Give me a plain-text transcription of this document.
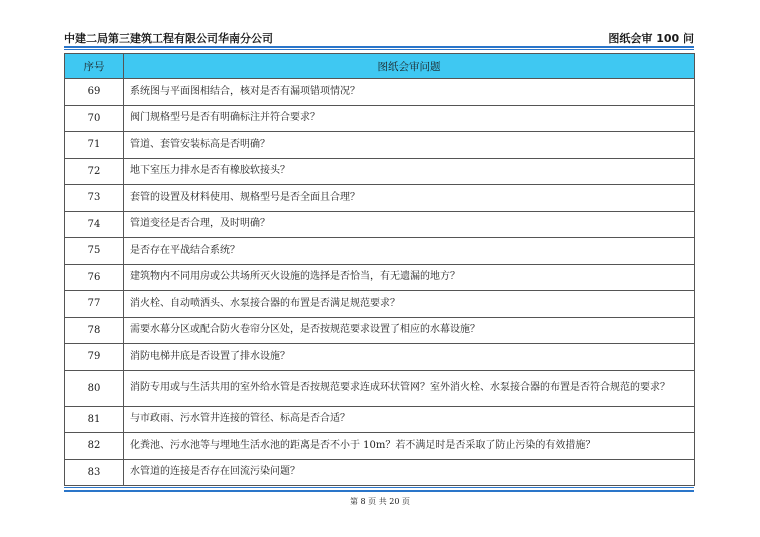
中建二局第三建筑工程有限公司华南分公司	图纸会审 100 问
序号	图纸会审问题
69	系统图与平面图相结合，核对是否有漏项错项情况？
70	阀门规格型号是否有明确标注并符合要求？
71	管道、套管安装标高是否明确？
72	地下室压力排水是否有橡胶软接头？
73	套管的设置及材料使用、规格型号是否全面且合理？
74	管道变径是否合理，及时明确？
75	是否存在平战结合系统？
76	建筑物内不同用房或公共场所灭火设施的选择是否恰当，有无遗漏的地方？
77	消火栓、自动喷洒头、水泵接合器的布置是否满足规范要求？
78	需要水幕分区或配合防火卷帘分区处，是否按规范要求设置了相应的水幕设施？
79	消防电梯井底是否设置了排水设施？
80	消防专用或与生活共用的室外给水管是否按规范要求连成环状管网？室外消火栓、水泵接合器的布置是否符合规范的要求？
81	与市政雨、污水管井连接的管径、标高是否合适？
82	化粪池、污水池等与埋地生活水池的距离是否不小于 10m？若不满足时是否采取了防止污染的有效措施？
83	水管道的连接是否存在回流污染问题？
第 8 页 共 20 页
